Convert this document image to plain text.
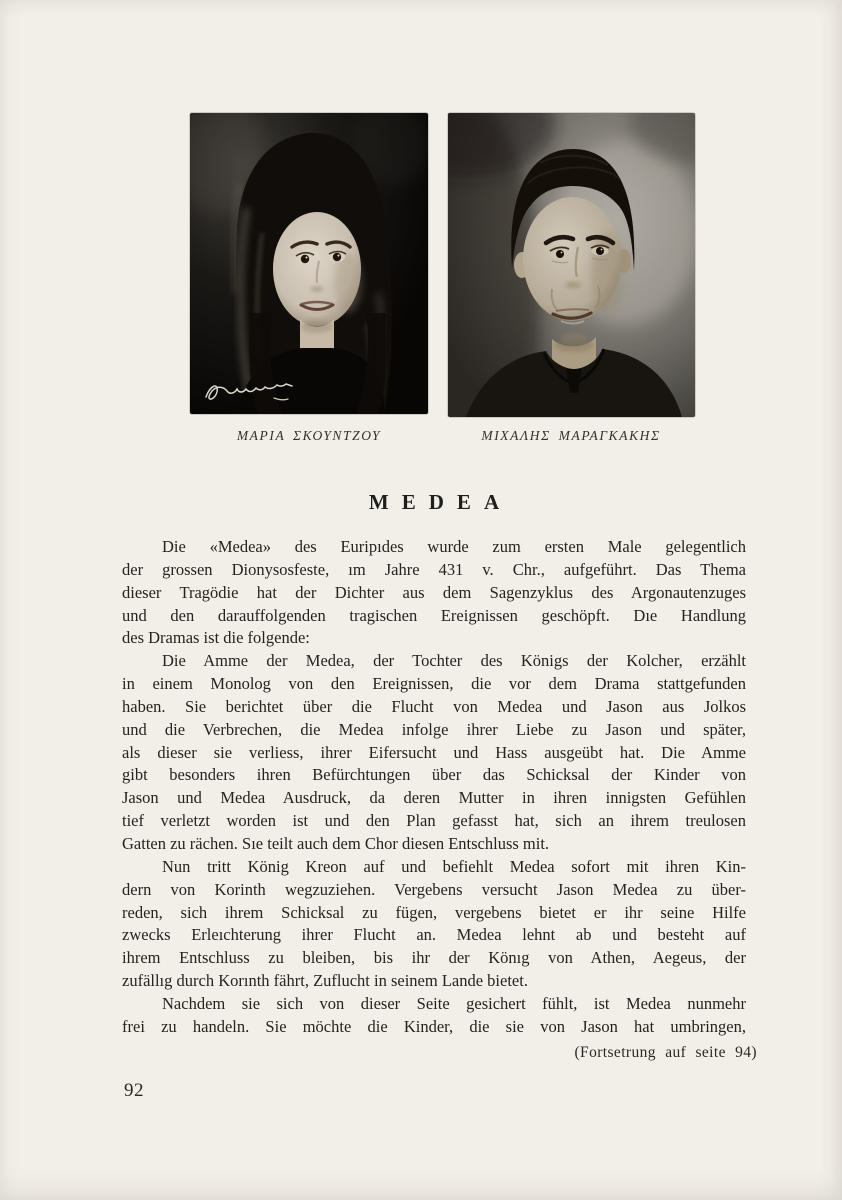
ΜΑΡΙΑ ΣΚΟΥΝΤΖΟΥ	ΜΙΧΑΛΗΣ ΜΑΡΑΓΚΑΚΗΣ
MEDEA
Die «Medea» des Euripıdes wurde zum ersten Male gelegentlich
der grossen Dionysosfeste, ım Jahre 431 v. Chr., aufgeführt. Das Thema
dieser Tragödie hat der Dichter aus dem Sagenzyklus des Argonautenzuges
und den darauffolgenden tragischen Ereignissen geschöpft. Dıe Handlung
des Dramas ist die folgende:
Die Amme der Medea, der Tochter des Königs der Kolcher, erzählt
in einem Monolog von den Ereignissen, die vor dem Drama stattgefunden
haben. Sie berichtet über die Flucht von Medea und Jason aus Jolkos
und die Verbrechen, die Medea infolge ihrer Liebe zu Jason und später,
als dieser sie verliess, ihrer Eifersucht und Hass ausgeübt hat. Die Amme
gibt besonders ihren Befürchtungen über das Schicksal der Kinder von
Jason und Medea Ausdruck, da deren Mutter in ihren innigsten Gefühlen
tief verletzt worden ist und den Plan gefasst hat, sich an ihrem treulosen
Gatten zu rächen. Sıe teilt auch dem Chor diesen Entschluss mit.
Nun tritt König Kreon auf und befiehlt Medea sofort mit ihren Kin-
dern von Korinth wegzuziehen. Vergebens versucht Jason Medea zu über-
reden, sich ihrem Schicksal zu fügen, vergebens bietet er ihr seine Hilfe
zwecks Erleıchterung ihrer Flucht an. Medea lehnt ab und besteht auf
ihrem Entschluss zu bleiben, bis ihr der Könıg von Athen, Aegeus, der
zufällıg durch Korınth fährt, Zuflucht in seinem Lande bietet.
Nachdem sie sich von dieser Seite gesichert fühlt, ist Medea nunmehr
frei zu handeln. Sie möchte die Kinder, die sie von Jason hat umbringen,
(Fortsetrung auf seite 94)
92
